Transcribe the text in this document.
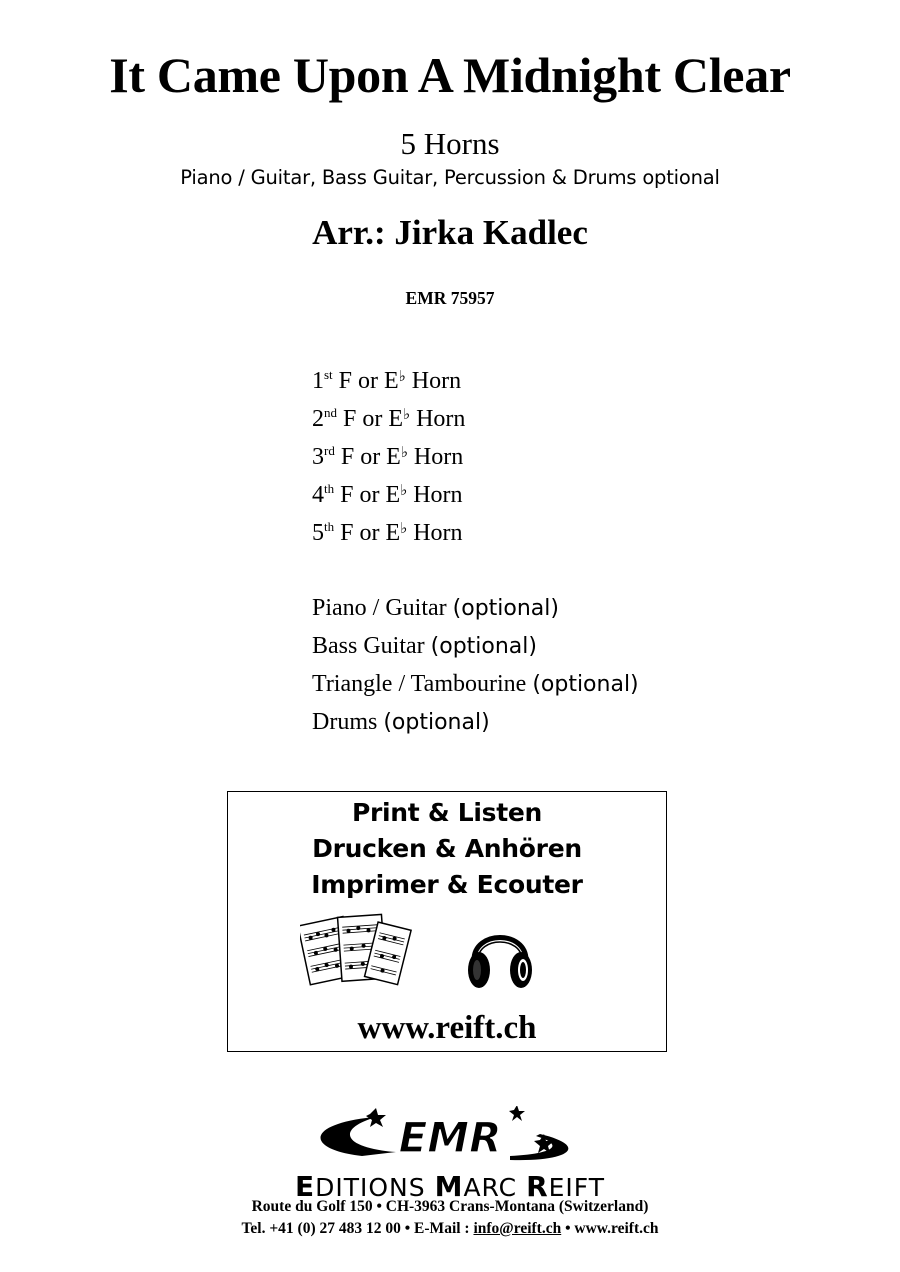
It Came Upon A Midnight Clear
5 Horns
Piano / Guitar, Bass Guitar, Percussion & Drums optional
Arr.: Jirka Kadlec
EMR 75957
1st F or E♭ Horn
2nd F or E♭ Horn
3rd F or E♭ Horn
4th F or E♭ Horn
5th F or E♭ Horn
Piano / Guitar (optional)
Bass Guitar (optional)
Triangle / Tambourine (optional)
Drums (optional)
Print & Listen
Drucken & Anhören
Imprimer & Ecouter
www.reift.ch
EMR
EDITIONS MARC REIFT
Route du Golf 150 • CH-3963 Crans-Montana (Switzerland)
Tel. +41 (0) 27 483 12 00 • E-Mail : info@reift.ch • www.reift.ch
